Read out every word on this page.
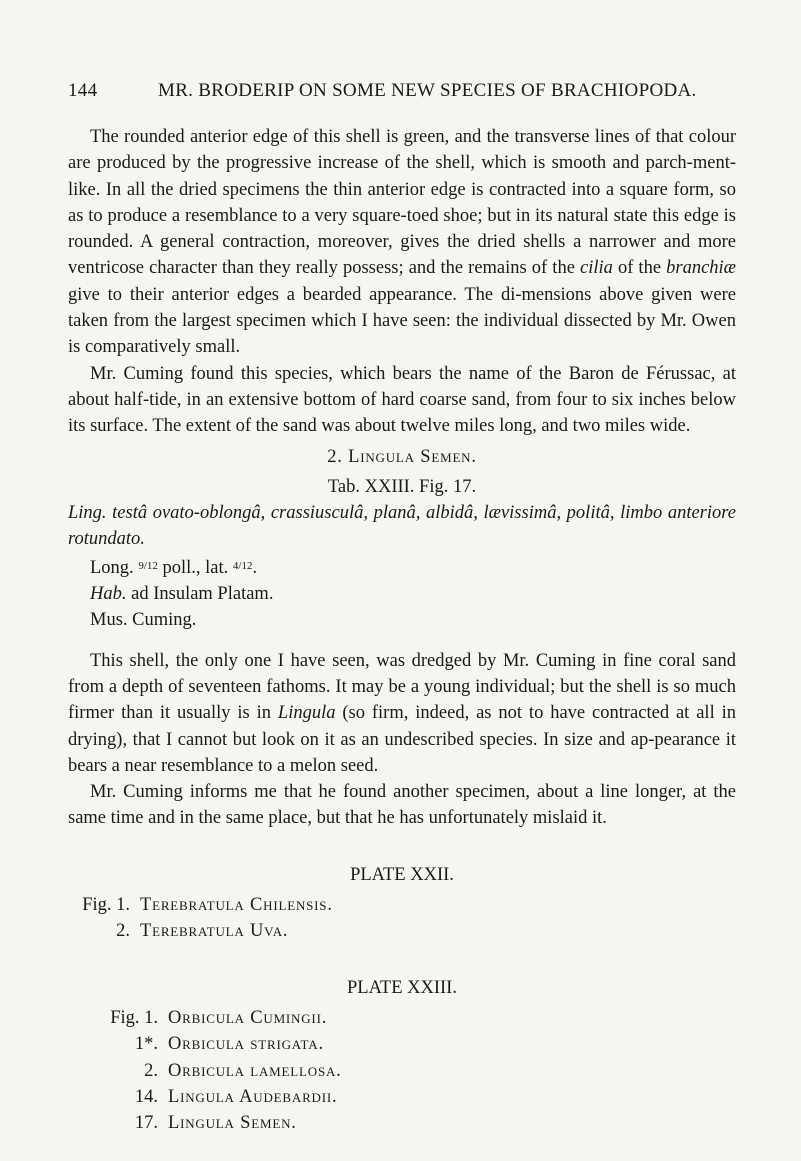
144	MR. BRODERIP ON SOME NEW SPECIES OF BRACHIOPODA.

The rounded anterior edge of this shell is green, and the transverse lines of that colour are produced by the progressive increase of the shell, which is smooth and parch-ment-like. In all the dried specimens the thin anterior edge is contracted into a square form, so as to produce a resemblance to a very square-toed shoe; but in its natural state this edge is rounded. A general contraction, moreover, gives the dried shells a narrower and more ventricose character than they really possess; and the remains of the cilia of the branchiæ give to their anterior edges a bearded appearance. The di-mensions above given were taken from the largest specimen which I have seen: the individual dissected by Mr. Owen is comparatively small.

Mr. Cuming found this species, which bears the name of the Baron de Férussac, at about half-tide, in an extensive bottom of hard coarse sand, from four to six inches below its surface. The extent of the sand was about twelve miles long, and two miles wide.

2. Lingula Semen.

Tab. XXIII. Fig. 17.

Ling. testâ ovato-oblongâ, crassiusculâ, planâ, albidâ, lævissimâ, politâ, limbo anteriore rotundato.

Long. $^{9/12}$ poll., lat. $^{4/12}$.

Hab. ad Insulam Platam.

Mus. Cuming.

This shell, the only one I have seen, was dredged by Mr. Cuming in fine coral sand from a depth of seventeen fathoms. It may be a young individual; but the shell is so much firmer than it usually is in Lingula (so firm, indeed, as not to have contracted at all in drying), that I cannot but look on it as an undescribed species. In size and ap-pearance it bears a near resemblance to a melon seed.

Mr. Cuming informs me that he found another specimen, about a line longer, at the same time and in the same place, but that he has unfortunately mislaid it.

PLATE XXII.

Fig. 1. Terebratula Chilensis.
2. Terebratula Uva.

PLATE XXIII.

Fig. 1. Orbicula Cumingii.
1*. Orbicula strigata.
2. Orbicula lamellosa.
14. Lingula Audebardii.
17. Lingula Semen.
